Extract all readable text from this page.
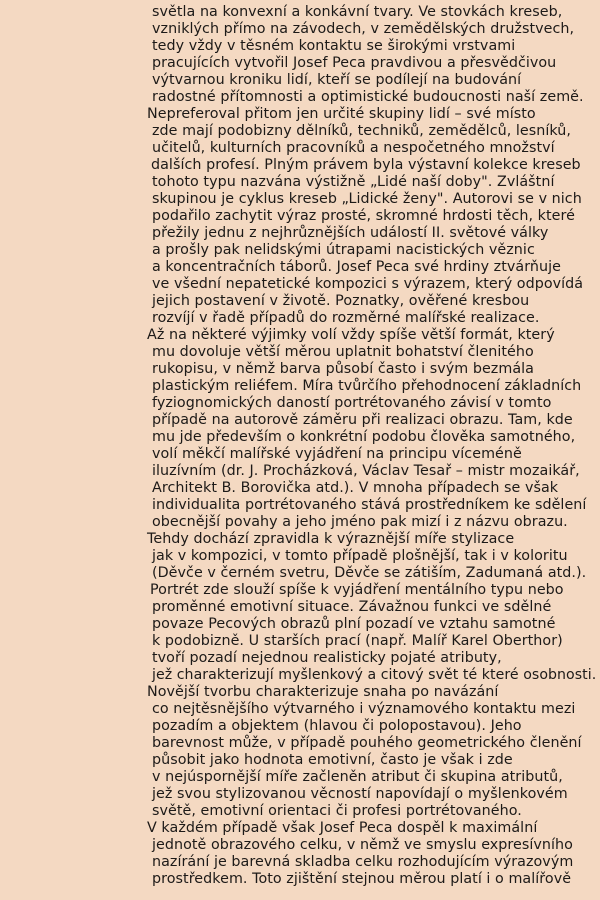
světla na konvexní a konkávní tvary. Ve stovkách kreseb,
vzniklých přímo na závodech, v zemědělských družstvech,
tedy vždy v těsném kontaktu se širokými vrstvami
pracujících vytvořil Josef Peca pravdivou a přesvědčivou
výtvarnou kroniku lidí, kteří se podílejí na budování
radostné přítomnosti a optimistické budoucnosti naší země.
Nepreferoval přitom jen určité skupiny lidí – své místo
zde mají podobizny dělníků, techniků, zemědělců, lesníků,
učitelů, kulturních pracovníků a nespočetného množství
dalších profesí. Plným právem byla výstavní kolekce kreseb
tohoto typu nazvána výstižně „Lidé naší doby". Zvláštní
skupinou je cyklus kreseb „Lidické ženy". Autorovi se v nich
podařilo zachytit výraz prosté, skromné hrdosti těch, které
přežily jednu z nejhrůznějších událostí II. světové války
a prošly pak nelidskými útrapami nacistických věznic
a koncentračních táborů. Josef Peca své hrdiny ztvárňuje
ve všední nepatetické kompozici s výrazem, který odpovídá
jejich postavení v životě. Poznatky, ověřené kresbou
rozvíjí v řadě případů do rozměrné malířské realizace.
Až na některé výjimky volí vždy spíše větší formát, který
mu dovoluje větší měrou uplatnit bohatství členitého
rukopisu, v němž barva působí často i svým bezmála
plastickým reliéfem. Míra tvůrčího přehodnocení základních
fyziognomických daností portrétovaného závisí v tomto
případě na autorově záměru při realizaci obrazu. Tam, kde
mu jde především o konkrétní podobu člověka samotného,
volí měkčí malířské vyjádření na principu víceméně
iluzívním (dr. J. Procházková, Václav Tesař – mistr mozaikář,
Architekt B. Borovička atd.). V mnoha případech se však
individualita portrétovaného stává prostředníkem ke sdělení
obecnější povahy a jeho jméno pak mizí i z názvu obrazu.
Tehdy dochází zpravidla k výraznější míře stylizace
jak v kompozici, v tomto případě plošnější, tak i v koloritu
(Děvče v černém svetru, Děvče se zátiším, Zadumaná atd.).
Portrét zde slouží spíše k vyjádření mentálního typu nebo
proměnné emotivní situace. Závažnou funkci ve sdělné
povaze Pecových obrazů plní pozadí ve vztahu samotné
k podobizně. U starších prací (např. Malíř Karel Oberthor)
tvoří pozadí nejednou realisticky pojaté atributy,
jež charakterizují myšlenkový a citový svět té které osobnosti.
Novější tvorbu charakterizuje snaha po navázání
co nejtěsnějšího výtvarného i významového kontaktu mezi
pozadím a objektem (hlavou či polopostavou). Jeho
barevnost může, v případě pouhého geometrického členění
působit jako hodnota emotivní, často je však i zde
v nejúspornější míře začleněn atribut či skupina atributů,
jež svou stylizovanou věcností napovídají o myšlenkovém
světě, emotivní orientaci či profesi portrétovaného.
V každém případě však Josef Peca dospěl k maximální
jednotě obrazového celku, v němž ve smyslu expresívního
nazírání je barevná skladba celku rozhodujícím výrazovým
prostředkem. Toto zjištění stejnou měrou platí i o malířově
